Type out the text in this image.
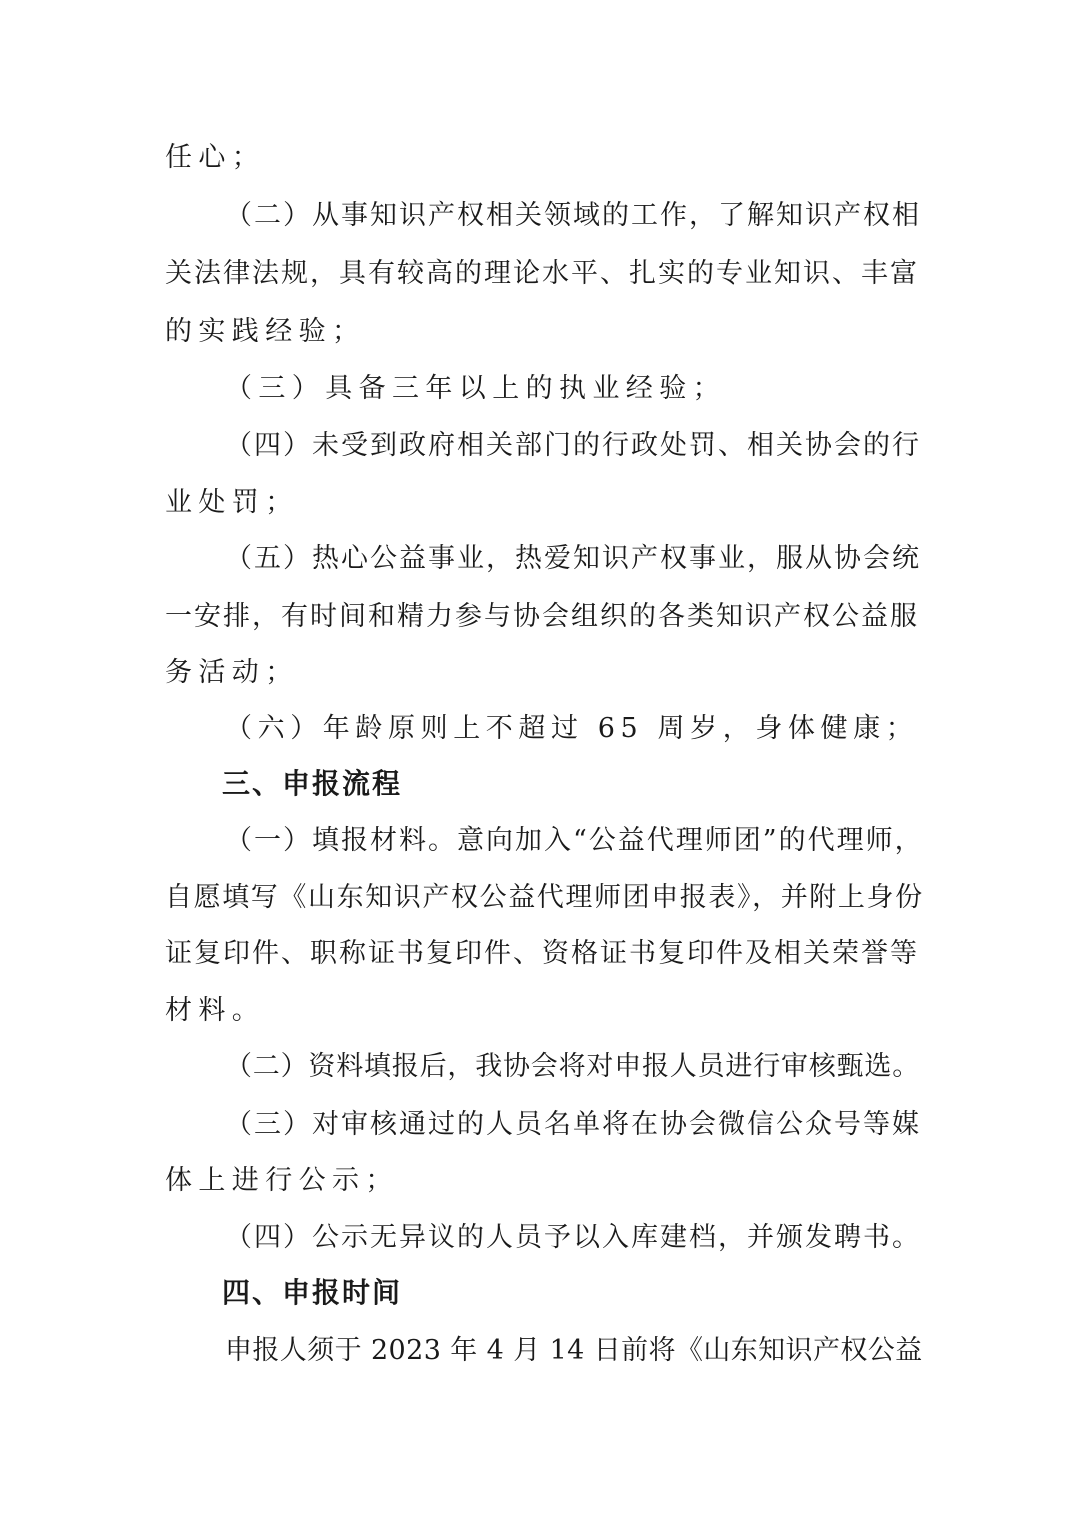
任心；
（二）从事知识产权相关领域的工作，了解知识产权相
关法律法规，具有较高的理论水平、扎实的专业知识、丰富
的实践经验；
（三）具备三年以上的执业经验；
（四）未受到政府相关部门的行政处罚、相关协会的行
业处罚；
（五）热心公益事业，热爱知识产权事业，服从协会统
一安排，有时间和精力参与协会组织的各类知识产权公益服
务活动；
（六）年龄原则上不超过 65 周岁，身体健康；
三、申报流程
（一）填报材料。意向加入“公益代理师团”的代理师，
自愿填写《山东知识产权公益代理师团申报表》，并附上身份
证复印件、职称证书复印件、资格证书复印件及相关荣誉等
材料。
（二）资料填报后，我协会将对申报人员进行审核甄选。
（三）对审核通过的人员名单将在协会微信公众号等媒
体上进行公示；
（四）公示无异议的人员予以入库建档，并颁发聘书。
四、申报时间
申报人须于 2023 年 4 月 14 日前将《山东知识产权公益
